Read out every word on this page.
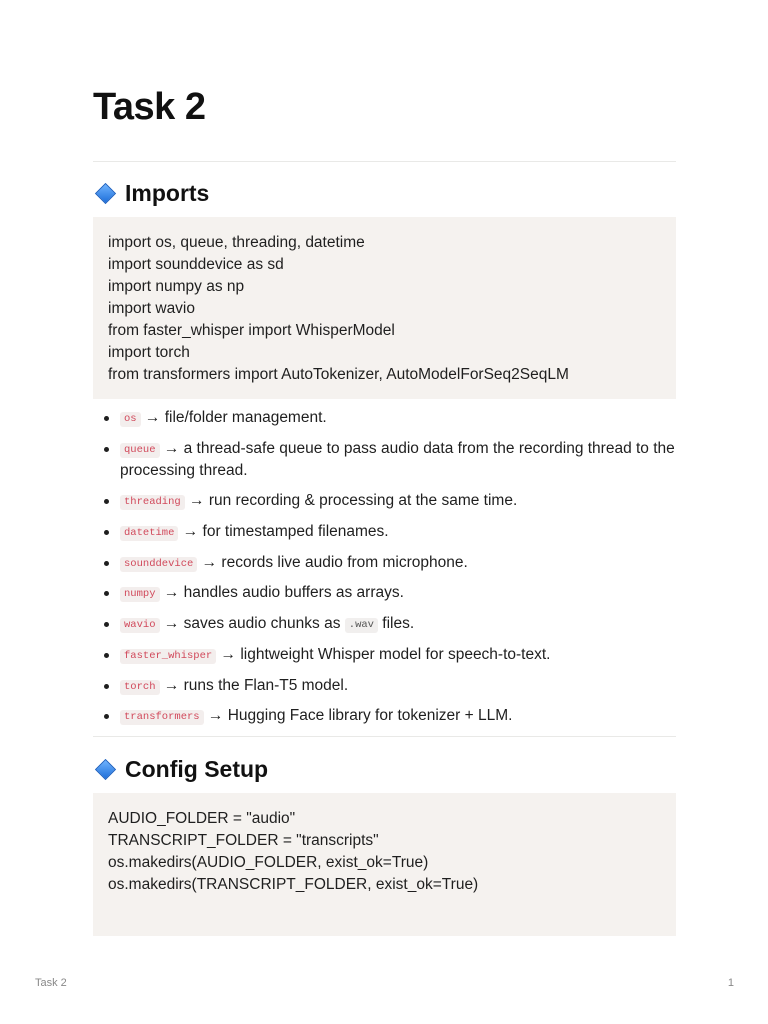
Task 2
Imports
import os, queue, threading, datetime
import sounddevice as sd
import numpy as np
import wavio
from faster_whisper import WhisperModel
import torch
from transformers import AutoTokenizer, AutoModelForSeq2SeqLM
os → file/folder management.
queue → a thread-safe queue to pass audio data from the recording thread to the processing thread.
threading → run recording & processing at the same time.
datetime → for timestamped filenames.
sounddevice → records live audio from microphone.
numpy → handles audio buffers as arrays.
wavio → saves audio chunks as .wav files.
faster_whisper → lightweight Whisper model for speech-to-text.
torch → runs the Flan-T5 model.
transformers → Hugging Face library for tokenizer + LLM.
Config Setup
AUDIO_FOLDER = "audio"
TRANSCRIPT_FOLDER = "transcripts"
os.makedirs(AUDIO_FOLDER, exist_ok=True)
os.makedirs(TRANSCRIPT_FOLDER, exist_ok=True)
Task 2	1
